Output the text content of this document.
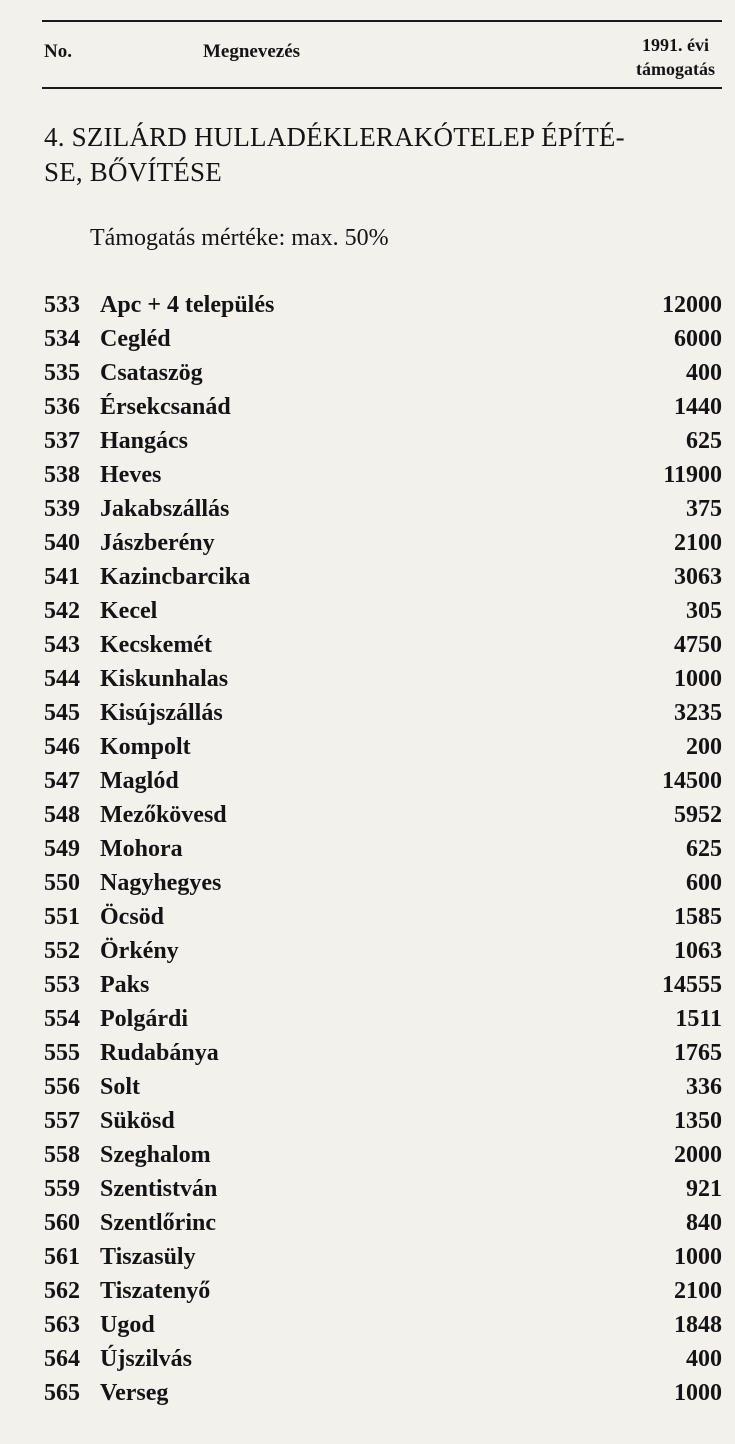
No.	Megnevezés	1991. évi
támogatás
4. SZILÁRD HULLADÉKLERAKÓTELEP ÉPÍTÉ-
SE, BŐVÍTÉSE
Támogatás mértéke: max. 50%
533 Apc + 4 település	12000
534 Cegléd	6000
535 Csataszög	400
536 Érsekcsanád	1440
537 Hangács	625
538 Heves	11900
539 Jakabszállás	375
540 Jászberény	2100
541 Kazincbarcika	3063
542 Kecel	305
543 Kecskemét	4750
544 Kiskunhalas	1000
545 Kisújszállás	3235
546 Kompolt	200
547 Maglód	14500
548 Mezőkövesd	5952
549 Mohora	625
550 Nagyhegyes	600
551 Öcsöd	1585
552 Örkény	1063
553 Paks	14555
554 Polgárdi	1511
555 Rudabánya	1765
556 Solt	336
557 Sükösd	1350
558 Szeghalom	2000
559 Szentistván	921
560 Szentlőrinc	840
561 Tiszasüly	1000
562 Tiszatenyő	2100
563 Ugod	1848
564 Újszilvás	400
565 Verseg	1000
